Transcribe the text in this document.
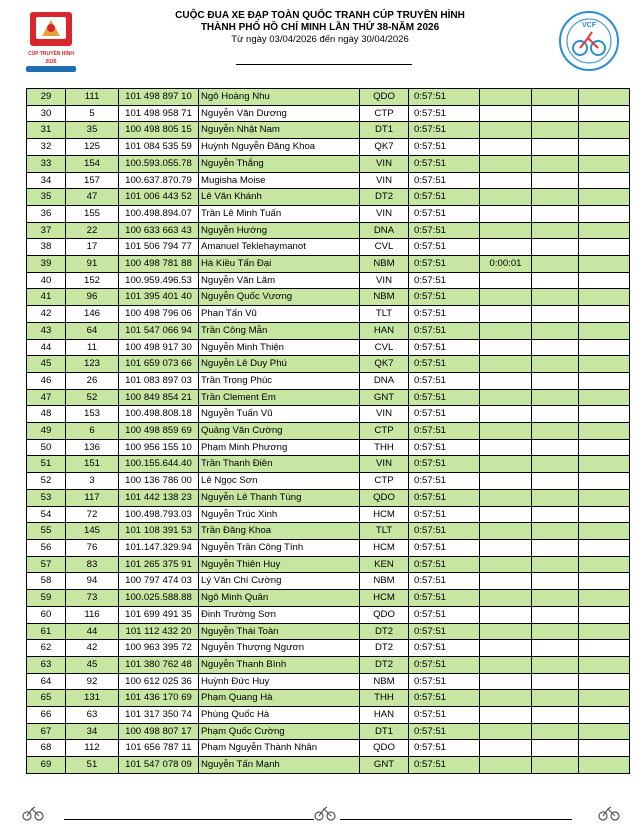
CÚP TRUYỀN HÌNH
2026
CUỘC ĐUA XE ĐẠP TOÀN QUỐC TRANH CÚP TRUYỀN HÌNH
THÀNH PHỐ HỒ CHÍ MINH LẦN THỨ 38-NĂM 2026
Từ ngày 03/04/2026 đến ngày 30/04/2026
VCF
29	111	101 498 897 10	Ngô Hoàng Nhu	QDO	0:57:51			
30	5	101 498 958 71	Nguyễn Văn Dương	CTP	0:57:51			
31	35	100 498 805 15	Nguyễn Nhật Nam	DT1	0:57:51			
32	125	101 084 535 59	Huỳnh Nguyễn Đăng Khoa	QK7	0:57:51			
33	154	100.593.055.78	Nguyễn Thắng	VIN	0:57:51			
34	157	100.637.870.79	Mugisha Moise	VIN	0:57:51			
35	47	101 006 443 52	Lê Văn Khánh	DT2	0:57:51			
36	155	100.498.894.07	Trần Lê Minh Tuấn	VIN	0:57:51			
37	22	100 633 663 43	Nguyễn Hướng	DNA	0:57:51			
38	17	101 506 794 77	Amanuel Teklehaymanot	CVL	0:57:51			
39	91	100 498 781 88	Hà Kiều Tấn Đại	NBM	0:57:51	0:00:01		
40	152	100.959.496.53	Nguyễn Văn Lãm	VIN	0:57:51			
41	96	101 395 401 40	Nguyễn Quốc Vương	NBM	0:57:51			
42	146	100 498 796 06	Phan Tấn Vũ	TLT	0:57:51			
43	64	101 547 066 94	Trần Công Mẫn	HAN	0:57:51			
44	11	100 498 917 30	Nguyễn Minh Thiện	CVL	0:57:51			
45	123	101 659 073 66	Nguyễn Lê Duy Phú	QK7	0:57:51			
46	26	101 083 897 03	Trần Trọng Phúc	DNA	0:57:51			
47	52	100 849 854 21	Trần Clement Em	GNT	0:57:51			
48	153	100.498.808.18	Nguyễn Tuấn Vũ	VIN	0:57:51			
49	6	100 498 859 69	Quảng Văn Cường	CTP	0:57:51			
50	136	100 956 155 10	Phạm Minh Phương	THH	0:57:51			
51	151	100.155.644.40	Trần Thanh Điền	VIN	0:57:51			
52	3	100 136 786 00	Lê Ngọc Sơn	CTP	0:57:51			
53	117	101 442 138 23	Nguyễn Lê Thanh Tùng	QDO	0:57:51			
54	72	100.498.793.03	Nguyễn Trúc Xinh	HCM	0:57:51			
55	145	101 108 391 53	Trần Đăng Khoa	TLT	0:57:51			
56	76	101.147.329.94	Nguyễn Trần Công Tính	HCM	0:57:51			
57	83	101 265 375 91	Nguyễn Thiên Huy	KEN	0:57:51			
58	94	100 797 474 03	Lý Văn Chí Cường	NBM	0:57:51			
59	73	100.025.588.88	Ngô Minh Quân	HCM	0:57:51			
60	116	101 699 491 35	Đinh Trường Sơn	QDO	0:57:51			
61	44	101 112 432 20	Nguyễn Thái Toàn	DT2	0:57:51			
62	42	100 963 395 72	Nguyễn Thượng Ngươn	DT2	0:57:51			
63	45	101 380 762 48	Nguyễn Thanh Bình	DT2	0:57:51			
64	92	100 612 025 36	Huỳnh Đức Huy	NBM	0:57:51			
65	131	101 436 170 69	Phạm Quang Hà	THH	0:57:51			
66	63	101 317 350 74	Phùng Quốc Hà	HAN	0:57:51			
67	34	100 498 807 17	Phạm Quốc Cường	DT1	0:57:51			
68	112	101 656 787 11	Phạm Nguyễn Thành Nhân	QDO	0:57:51			
69	51	101 547 078 09	Nguyễn Tấn Mạnh	GNT	0:57:51			
